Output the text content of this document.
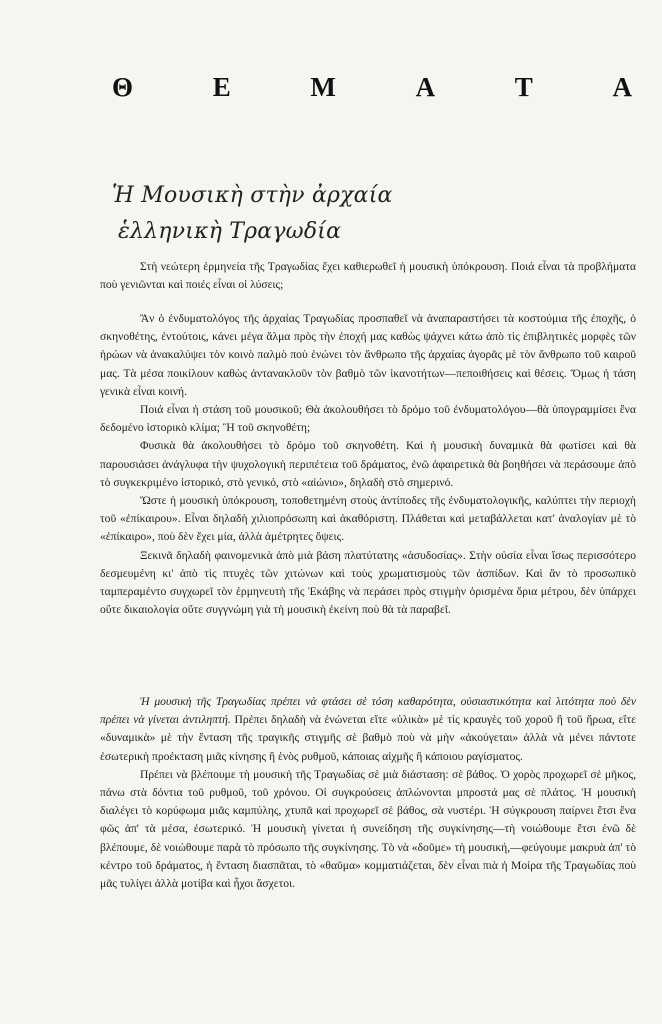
Θ	Ε	Μ	Α	Τ	Α
Ἡ Μουσικὴ στὴν ἀρχαία
ἑλληνικὴ Τραγωδία

Στὴ νεώτερη ἑρμηνεία τῆς Τραγωδίας ἔχει καθιερωθεῖ ἡ μουσικὴ ὑπόκρουση. Ποιά εἶναι τὰ προβλήματα ποὺ γενιῶνται καὶ ποιές εἶναι οἱ λύσεις;

Ἂν ὁ ἐνδυματολόγος τῆς ἀρχαίας Τραγωδίας προσπαθεῖ νὰ ἀναπαραστήσει τὰ κοστούμια τῆς ἐποχῆς, ὁ σκηνοθέτης, ἐντούτοις, κάνει μέγα ἅλμα πρὸς τὴν ἐποχή μας καθὼς ψάχνει κάτω ἀπὸ τὶς ἐπιβλητικὲς μορφὲς τῶν ἡρώων νὰ ἀνακαλύψει τὸν κοινὸ παλμὸ ποὺ ἑνώνει τὸν ἄνθρωπο τῆς ἀρχαίας ἀγορᾶς μὲ τὸν ἄνθρωπο τοῦ καιροῦ μας. Τὰ μέσα ποικίλουν καθὼς ἀντανακλοῦν τὸν βαθμὸ τῶν ἱκανοτήτων—πεποιθήσεις καὶ θέσεις. Ὅμως ἡ τάση γενικὰ εἶναι κοινή.

Ποιά εἶναι ἡ στάση τοῦ μουσικοῦ; Θὰ ἀκολουθήσει τὸ δρόμο τοῦ ἐνδυματολόγου—θὰ ὑπογραμμίσει ἕνα δεδομένο ἱστορικὸ κλίμα; Ἢ τοῦ σκηνοθέτη;

Φυσικὰ θὰ ἀκολουθήσει τὸ δρόμο τοῦ σκηνοθέτη. Καὶ ἡ μουσικὴ δυναμικὰ θὰ φωτίσει καὶ θὰ παρουσιάσει ἀνάγλυφα τὴν ψυχολογικὴ περιπέτεια τοῦ δράματος, ἐνῶ ἀφαιρετικὰ θὰ βοηθήσει νὰ περάσουμε ἀπὸ τὸ συγκεκριμένο ἱστορικό, στὸ γενικό, στὸ «αἰώνιο», δηλαδὴ στὸ σημερινό.

Ὥστε ἡ μουσικὴ ὑπόκρουση, τοποθετημένη στοὺς ἀντίποδες τῆς ἐνδυματολογικῆς, καλύπτει τὴν περιοχὴ τοῦ «ἐπίκαιρου». Εἶναι δηλαδὴ χιλιοπρόσωπη καὶ ἀκαθόριστη. Πλάθεται καὶ μεταβάλλεται κατ' ἀναλογίαν μὲ τὸ «ἐπίκαιρο», ποὺ δὲν ἔχει μία, ἀλλὰ ἀμέτρητες ὄψεις.

Ξεκινᾶ δηλαδὴ φαινομενικὰ ἀπὸ μιὰ βάση πλατύτατης «ἀσυδοσίας». Στὴν οὐσία εἶναι ἴσως περισσότερο δεσμευμένη κι' ἀπὸ τὶς πτυχὲς τῶν χιτώνων καὶ τοὺς χρωματισμοὺς τῶν ἀσπίδων. Καὶ ἂν τὸ προσωπικὸ ταμπεραμέντο συγχωρεῖ τὸν ἑρμηνευτὴ τῆς Ἑκάβης νὰ περάσει πρὸς στιγμὴν ὁρισμένα ὅρια μέτρου, δὲν ὑπάρχει οὔτε δικαιολογία οὔτε συγγνώμη γιὰ τὴ μουσικὴ ἐκείνη ποὺ θὰ τὰ παραβεῖ.

Ἡ μουσικὴ τῆς Τραγωδίας πρέπει νὰ φτάσει σὲ τόση καθαρότητα, οὐσιαστικότητα καὶ λιτότητα ποὺ δὲν πρέπει νὰ γίνεται ἀντιληπτή. Πρέπει δηλαδὴ νὰ ἑνώνεται εἴτε «ὑλικὰ» μὲ τὶς κραυγὲς τοῦ χοροῦ ἢ τοῦ ἥρωα, εἴτε «δυναμικὰ» μὲ τὴν ἔνταση τῆς τραγικῆς στιγμῆς σὲ βαθμὸ ποὺ νὰ μὴν «ἀκούγεται» ἀλλὰ νὰ μένει πάντοτε ἐσωτερικὴ προέκταση μιᾶς κίνησης ἢ ἑνὸς ρυθμοῦ, κάποιας αἰχμῆς ἢ κάποιου ραγίσματος.

Πρέπει νὰ βλέπουμε τὴ μουσικὴ τῆς Τραγωδίας σὲ μιὰ διάσταση: σὲ βάθος. Ὁ χορὸς προχωρεῖ σὲ μῆκος, πάνω στὰ δόντια τοῦ ρυθμοῦ, τοῦ χρόνου. Οἱ συγκρούσεις ἁπλώνονται μπροστά μας σὲ πλάτος. Ἡ μουσικὴ διαλέγει τὸ κορύφωμα μιᾶς καμπύλης, χτυπᾶ καὶ προχωρεῖ σὲ βάθος, σὰ νυστέρι. Ἡ σύγκρουση παίρνει ἔτσι ἕνα φῶς ἀπ' τὰ μέσα, ἐσωτερικό. Ἡ μουσικὴ γίνεται ἡ συνείδηση τῆς συγκίνησης—τὴ νοιώθουμε ἔτσι ἐνῶ δὲ βλέπουμε, δὲ νοιώθουμε παρὰ τὸ πρόσωπο τῆς συγκίνησης. Τὸ νὰ «δοῦμε» τὴ μουσική,—φεύγουμε μακρυὰ ἀπ' τὸ κέντρο τοῦ δράματος, ἡ ἔνταση διασπᾶται, τὸ «θαῦμα» κομματιάζεται, δὲν εἶναι πιὰ ἡ Μοίρα τῆς Τραγωδίας ποὺ μᾶς τυλίγει ἀλλὰ μοτίβα καὶ ἦχοι ἄσχετοι.
